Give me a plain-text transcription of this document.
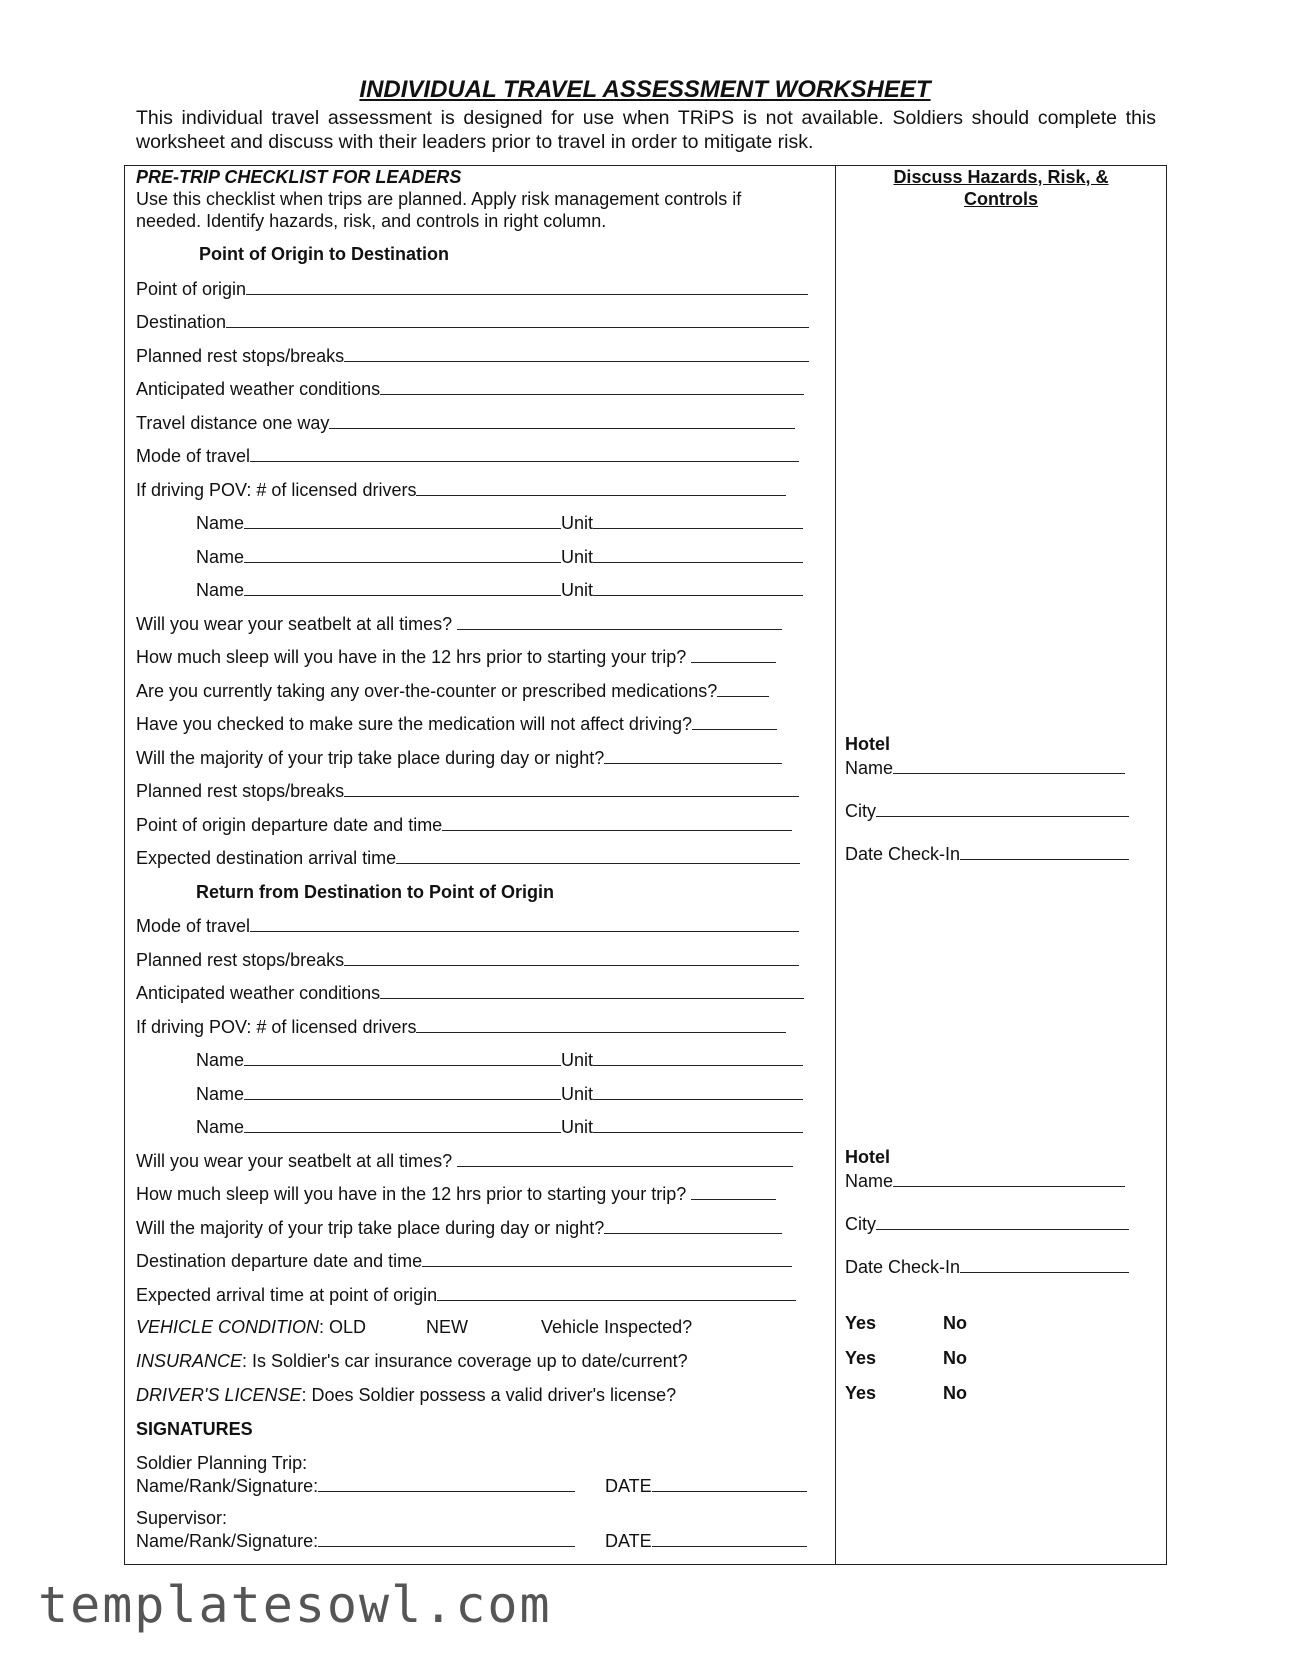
INDIVIDUAL TRAVEL ASSESSMENT WORKSHEET
This individual travel assessment is designed for use when TRiPS is not available. Soldiers should complete this worksheet and discuss with their leaders prior to travel in order to mitigate risk.
PRE-TRIP CHECKLIST FOR LEADERS
Use this checklist when trips are planned. Apply risk management controls if
needed. Identify hazards, risk, and controls in right column.
Discuss Hazards, Risk, &
Controls
Point of Origin to Destination
Point of origin
Destination
Planned rest stops/breaks
Anticipated weather conditions
Travel distance one way
Mode of travel
If driving POV: # of licensed drivers
Name	Unit
Name	Unit
Name	Unit
Will you wear your seatbelt at all times?
How much sleep will you have in the 12 hrs prior to starting your trip?
Are you currently taking any over-the-counter or prescribed medications?
Have you checked to make sure the medication will not affect driving?
Will the majority of your trip take place during day or night?
Planned rest stops/breaks
Point of origin departure date and time
Expected destination arrival time
Return from Destination to Point of Origin
Mode of travel
Planned rest stops/breaks
Anticipated weather conditions
If driving POV: # of licensed drivers
Name	Unit
Name	Unit
Name	Unit
Will you wear your seatbelt at all times?
How much sleep will you have in the 12 hrs prior to starting your trip?
Will the majority of your trip take place during day or night?
Destination departure date and time
Expected arrival time at point of origin
VEHICLE CONDITION: OLD	NEW	Vehicle Inspected?
INSURANCE: Is Soldier's car insurance coverage up to date/current?
DRIVER'S LICENSE: Does Soldier possess a valid driver's license?
SIGNATURES
Soldier Planning Trip:
Name/Rank/Signature:	DATE
Supervisor:
Name/Rank/Signature:	DATE
Hotel
Name
City
Date Check-In
Hotel
Name
City
Date Check-In
Yes	No
Yes	No
Yes	No
templatesowl.com
